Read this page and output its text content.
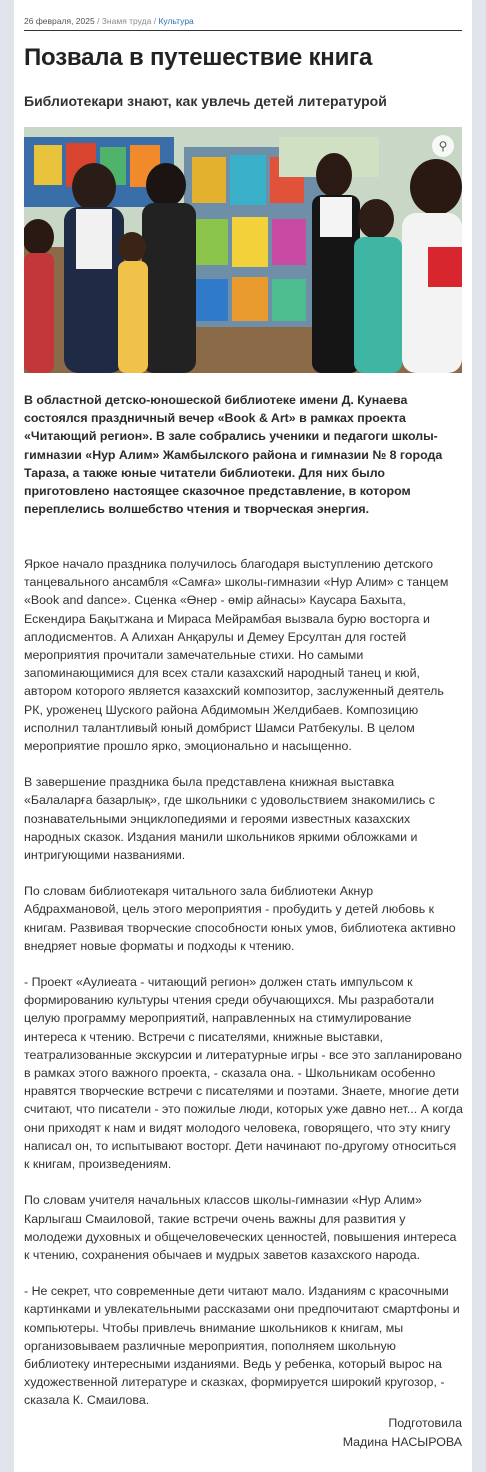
26 февраля, 2025 / Знамя труда / Культура
Позвала в путешествие книга
Библиотекари знают, как увлечь детей литературой
⚲
В областной детско-юношеской библиотеке имени Д. Кунаева состоялся праздничный вечер «Book & Art» в рамках проекта «Читающий регион». В зале собрались ученики и педагоги школы-гимназии «Нур Алим» Жамбылского района и гимназии № 8 города Тараза, а также юные читатели библиотеки. Для них было приготовлено настоящее сказочное представление, в котором переплелись волшебство чтения и творческая энергия.

Яркое начало праздника получилось благодаря выступлению детского танцевального ансамбля «Самға» школы-гимназии «Нур Алим» с танцем «Book and dance». Сценка «Өнер - өмір айнасы» Каусара Бахыта, Ескендира Бақытжана и Мираса Мейрамбая вызвала бурю восторга и аплодисментов. А Алихан Анқарулы и Демеу Ерсултан для гостей мероприятия прочитали замечательные стихи. Но самыми запоминающимися для всех стали казахский народный танец и кюй, автором которого является казахский композитор, заслуженный деятель РК, уроженец Шуского района Абдимомын Желдибаев. Композицию исполнил талантливый юный домбрист Шамси Ратбекулы. В целом мероприятие прошло ярко, эмоционально и насыщенно.

В завершение праздника была представлена книжная выставка «Балаларға базарлық», где школьники с удовольствием знакомились с познавательными энциклопедиями и героями известных казахских народных сказок. Издания манили школьников яркими обложками и интригующими названиями.

По словам библиотекаря читального зала библиотеки Акнур Абдрахмановой, цель этого мероприятия - пробудить у детей любовь к книгам. Развивая творческие способности юных умов, библиотека активно внедряет новые форматы и подходы к чтению.

- Проект «Аулиеата - читающий регион» должен стать импульсом к формированию культуры чтения среди обучающихся. Мы разработали целую программу мероприятий, направленных на стимулирование интереса к чтению. Встречи с писателями, книжные выставки, театрализованные экскурсии и литературные игры - все это запланировано в рамках этого важного проекта, - сказала она. - Школьникам особенно нравятся творческие встречи с писателями и поэтами. Знаете, многие дети считают, что писатели - это пожилые люди, которых уже давно нет... А когда они приходят к нам и видят молодого человека, говорящего, что эту книгу написал он, то испытывают восторг. Дети начинают по-другому относиться к книгам, произведениям.

По словам учителя начальных классов школы-гимназии «Нур Алим» Карлыгаш Смаиловой, такие встречи очень важны для развития у молодежи духовных и общечеловеческих ценностей, повышения интереса к чтению, сохранения обычаев и мудрых заветов казахского народа.

- Не секрет, что современные дети читают мало. Изданиям с красочными картинками и увлекательными рассказами они предпочитают смартфоны и компьютеры. Чтобы привлечь внимание школьников к книгам, мы организовываем различные мероприятия, пополняем школьную библиотеку интересными изданиями. Ведь у ребенка, который вырос на художественной литературе и сказках, формируется широкий кругозор, - сказала К. Смаилова.

Подготовила
Мадина НАСЫРОВА
